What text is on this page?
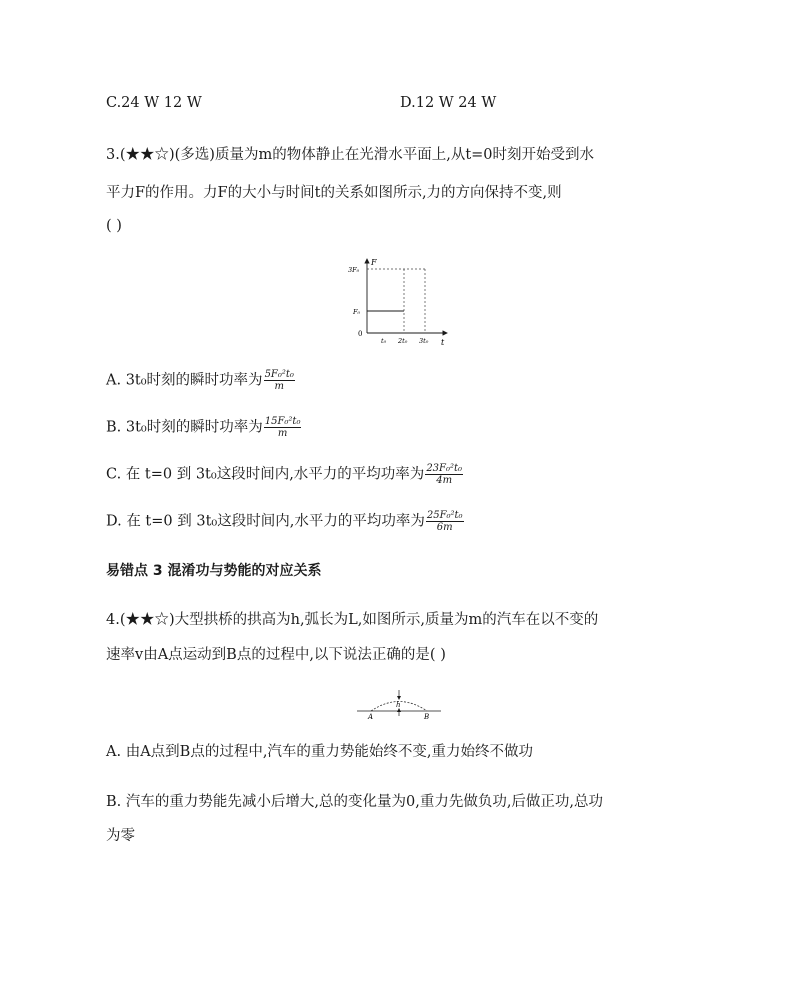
C.24 W 12 W	D.12 W 24 W
3.(★★☆)(多选)质量为m的物体静止在光滑水平面上,从t=0时刻开始受到水
平力F的作用。力F的大小与时间t的关系如图所示,力的方向保持不变,则
( )
F
t
0
3F₀
F₀
t₀ 2t₀ 3t₀
A. 3t₀时刻的瞬时功率为 $\frac{\text{5F₀²t₀}}{m}$
B. 3t₀时刻的瞬时功率为 $\frac{\text{15F₀²t₀}}{m}$
C. 在 t=0 到 3t₀这段时间内,水平力的平均功率为 $\frac{\text{23F₀²t₀}}{4m}$
D. 在 t=0 到 3t₀这段时间内,水平力的平均功率为 $\frac{\text{25F₀²t₀}}{6m}$
易错点 3 混淆功与势能的对应关系
4.(★★☆)大型拱桥的拱高为h,弧长为L,如图所示,质量为m的汽车在以不变的
速率v由A点运动到B点的过程中,以下说法正确的是( )
h
A	B
A. 由A点到B点的过程中,汽车的重力势能始终不变,重力始终不做功
B. 汽车的重力势能先减小后增大,总的变化量为0,重力先做负功,后做正功,总功
为零
